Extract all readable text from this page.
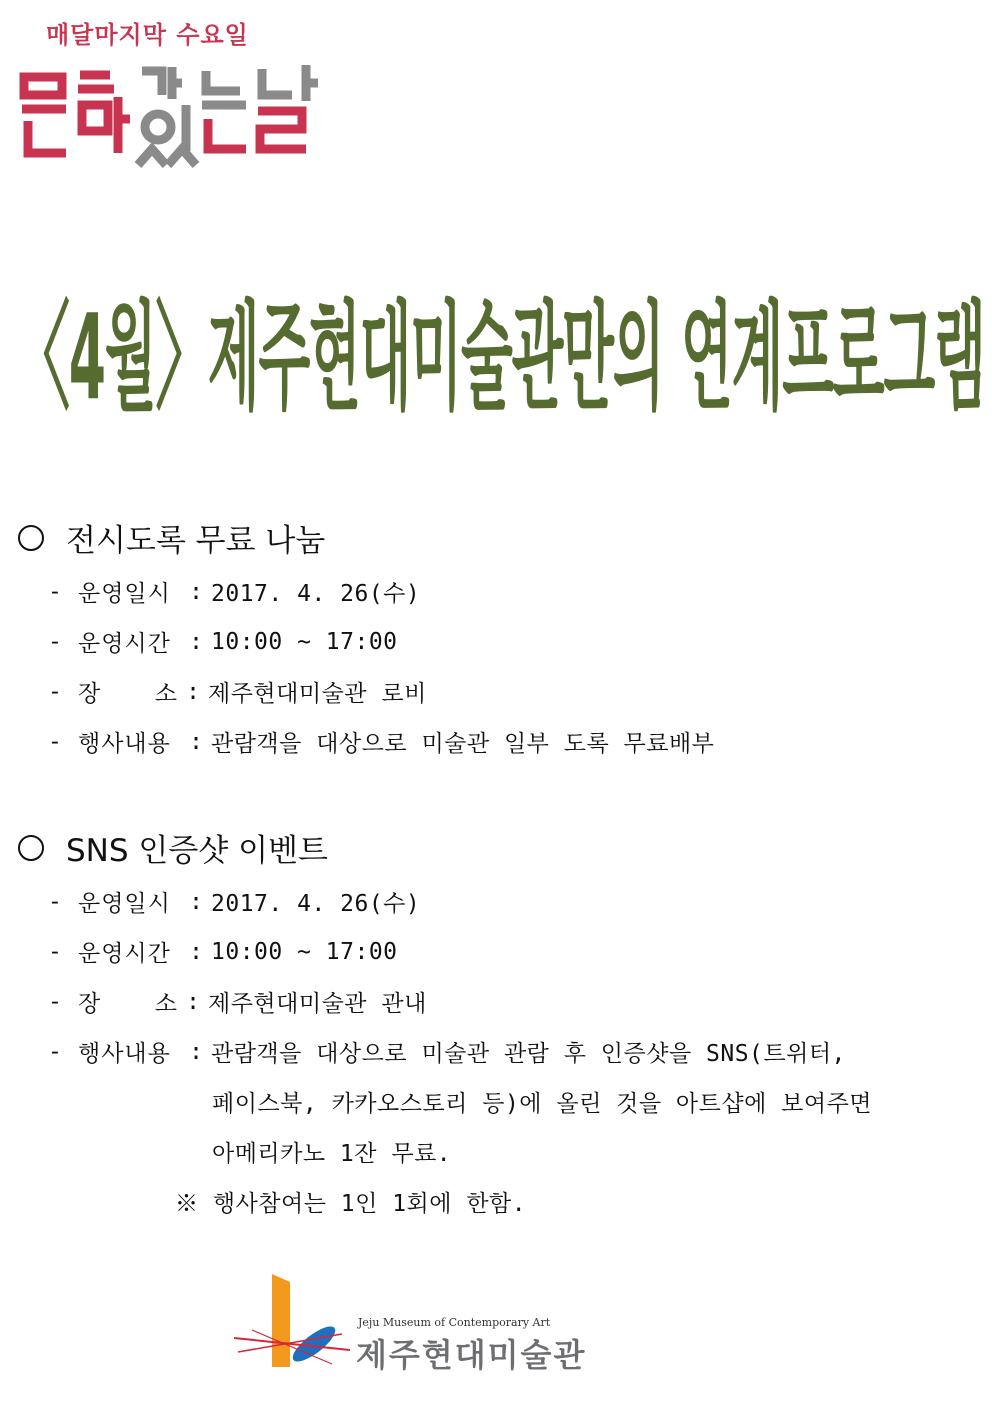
매달마지막 수요일
〈4월〉제주현대미술관만의 연계프로그램
전시도록 무료 나눔
- 운영일시 : 2017. 4. 26(수)
- 운영시간 : 10:00 ~ 17:00
- 장 소 : 제주현대미술관 로비
- 행사내용 : 관람객을 대상으로 미술관 일부 도록 무료배부
SNS 인증샷 이벤트
- 운영일시 : 2017. 4. 26(수)
- 운영시간 : 10:00 ~ 17:00
- 장 소 : 제주현대미술관 관내
- 행사내용 : 관람객을 대상으로 미술관 관람 후 인증샷을 SNS(트위터,
페이스북, 카카오스토리 등)에 올린 것을 아트샵에 보여주면
아메리카노 1잔 무료.
※ 행사참여는 1인 1회에 한함.
Jeju Museum of Contemporary Art
제주현대미술관
